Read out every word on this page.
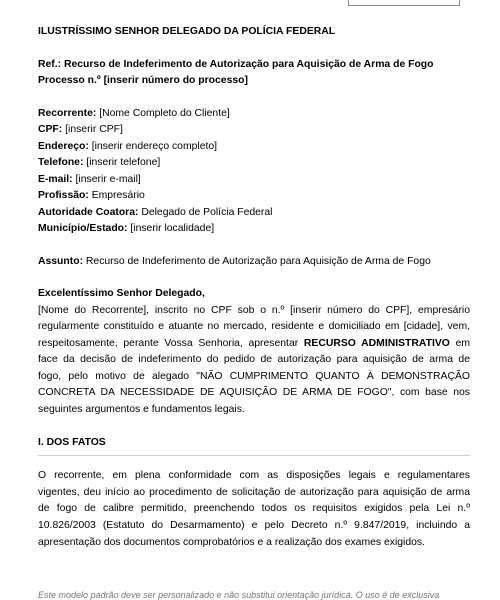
ILUSTRÍSSIMO SENHOR DELEGADO DA POLÍCIA FEDERAL
Ref.: Recurso de Indeferimento de Autorização para Aquisição de Arma de Fogo
Processo n.º [inserir número do processo]
Recorrente: [Nome Completo do Cliente]
CPF: [inserir CPF]
Endereço: [inserir endereço completo]
Telefone: [inserir telefone]
E-mail: [inserir e-mail]
Profissão: Empresário
Autoridade Coatora: Delegado de Polícia Federal
Município/Estado: [inserir localidade]
Assunto: Recurso de Indeferimento de Autorização para Aquisição de Arma de Fogo
Excelentíssimo Senhor Delegado,
[Nome do Recorrente], inscrito no CPF sob o n.º [inserir número do CPF], empresário
regularmente constituído e atuante no mercado, residente e domiciliado em [cidade], vem,
respeitosamente, perante Vossa Senhoria, apresentar RECURSO ADMINISTRATIVO em
face da decisão de indeferimento do pedido de autorização para aquisição de arma de
fogo, pelo motivo de alegado "NÃO CUMPRIMENTO QUANTO À DEMONSTRAÇÃO
CONCRETA DA NECESSIDADE DE AQUISIÇÃO DE ARMA DE FOGO", com base nos
seguintes argumentos e fundamentos legais.
I. DOS FATOS
O recorrente, em plena conformidade com as disposições legais e regulamentares
vigentes, deu início ao procedimento de solicitação de autorização para aquisição de arma
de fogo de calibre permitido, preenchendo todos os requisitos exigidos pela Lei n.º
10.826/2003 (Estatuto do Desarmamento) e pelo Decreto n.º 9.847/2019, incluindo a
apresentação dos documentos comprobatórios e a realização dos exames exigidos.
Este modelo padrão deve ser personalizado e não substitui orientação jurídica. O uso é de exclusiva
